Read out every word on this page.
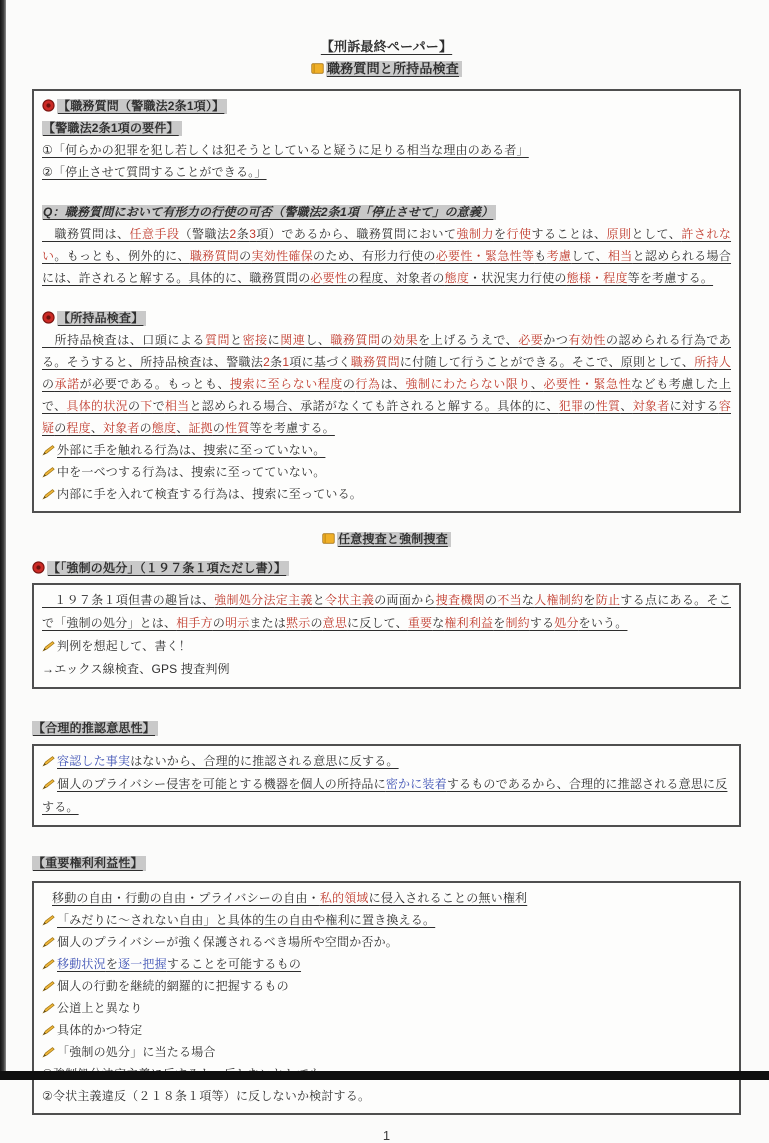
【刑訴最終ペーパー】
職務質問と所持品検査
【職務質問（警職法2条1項）】
【警職法2条1項の要件】
①「何らかの犯罪を犯し若しくは犯そうとしていると疑うに足りる相当な理由のある者」
②「停止させて質問することができる。」

Q：職務質問において有形力の行使の可否（警職法2条1項「停止させて」の意義）
　職務質問は、任意手段（警職法2条3項）であるから、職務質問において強制力を行使することは、原則として、許されない。もっとも、例外的に、職務質問の実効性確保のため、有形力行使の必要性・緊急性等も考慮して、相当と認められる場合には、許されると解する。具体的に、職務質問の必要性の程度、対象者の態度・状況実力行使の態様・程度等を考慮する。

【所持品検査】
　所持品検査は、口頭による質問と密接に関連し、職務質問の効果を上げるうえで、必要かつ有効性の認められる行為である。そうすると、所持品検査は、警職法2条1項に基づく職務質問に付随して行うことができる。そこで、原則として、所持人の承諾が必要である。もっとも、捜索に至らない程度の行為は、強制にわたらない限り、必要性・緊急性なども考慮した上で、具体的状況の下で相当と認められる場合、承諾がなくても許されると解する。具体的に、犯罪の性質、対象者に対する容疑の程度、対象者の態度、証拠の性質等を考慮する。
外部に手を触れる行為は、捜索に至っていない。
中を一べつする行為は、捜索に至ってていない。
内部に手を入れて検査する行為は、捜索に至っている。
任意捜査と強制捜査
【「強制の処分」（１９７条１項ただし書）】
　１９７条１項但書の趣旨は、強制処分法定主義と令状主義の両面から捜査機関の不当な人権制約を防止する点にある。そこで「強制の処分」とは、相手方の明示または黙示の意思に反して、重要な権利利益を制約する処分をいう。
判例を想起して、書く！
→エックス線検査、GPS 捜査判例
【合理的推認意思性】
容認した事実はないから、合理的に推認される意思に反する。
個人のプライバシー侵害を可能とする機器を個人の所持品に密かに装着するものであるから、合理的に推認される意思に反する。
【重要権利利益性】
移動の自由・行動の自由・プライバシーの自由・私的領域に侵入されることの無い権利
「みだりに～されない自由」と具体的生の自由や権利に置き換える。
個人のプライバシーが強く保護されるべき場所や空間か否か。
移動状況を逐一把握することを可能するもの
個人の行動を継続的網羅的に把握するもの
公道上と異なり
具体的かつ特定
「強制の処分」に当たる場合
②令状主義違反（２１８条１項等）に反しないか検討する。
1
